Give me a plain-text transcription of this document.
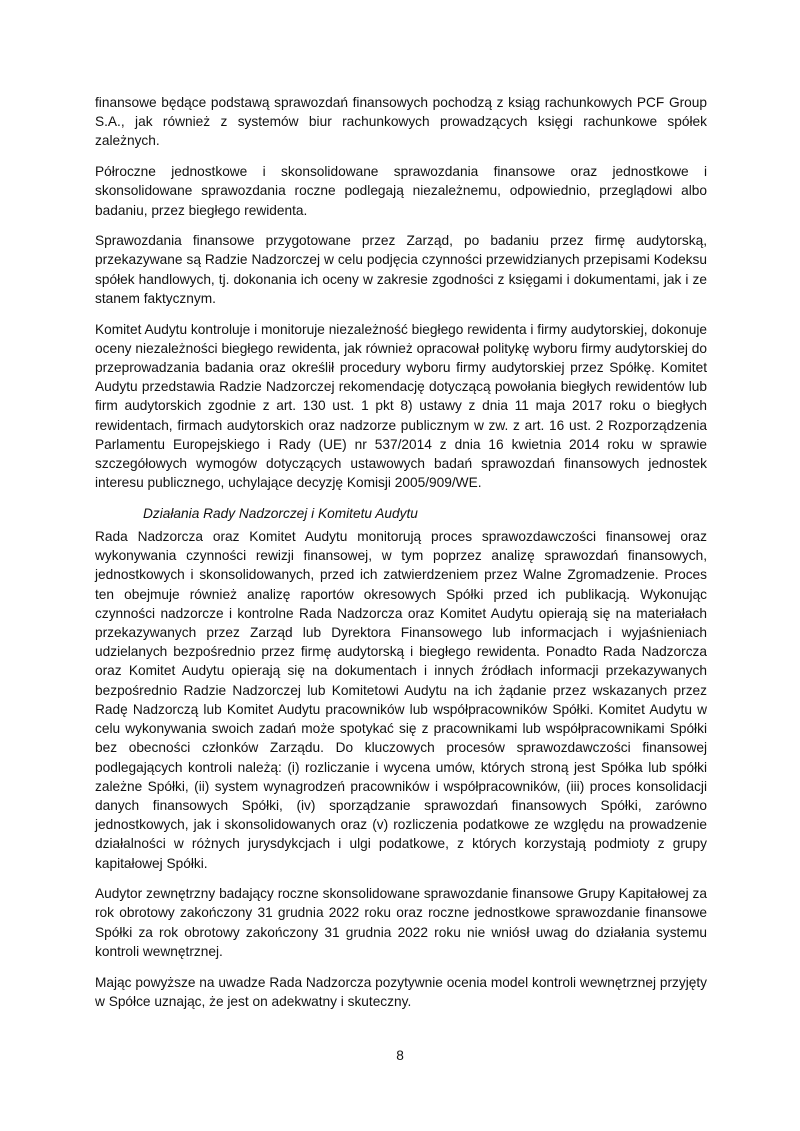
finansowe będące podstawą sprawozdań finansowych pochodzą z ksiąg rachunkowych PCF Group S.A., jak również z systemów biur rachunkowych prowadzących księgi rachunkowe spółek zależnych.

Półroczne jednostkowe i skonsolidowane sprawozdania finansowe oraz jednostkowe i skonsolidowane sprawozdania roczne podlegają niezależnemu, odpowiednio, przeglądowi albo badaniu, przez biegłego rewidenta.

Sprawozdania finansowe przygotowane przez Zarząd, po badaniu przez firmę audytorską, przekazywane są Radzie Nadzorczej w celu podjęcia czynności przewidzianych przepisami Kodeksu spółek handlowych, tj. dokonania ich oceny w zakresie zgodności z księgami i dokumentami, jak i ze stanem faktycznym.

Komitet Audytu kontroluje i monitoruje niezależność biegłego rewidenta i firmy audytorskiej, dokonuje oceny niezależności biegłego rewidenta, jak również opracował politykę wyboru firmy audytorskiej do przeprowadzania badania oraz określił procedury wyboru firmy audytorskiej przez Spółkę. Komitet Audytu przedstawia Radzie Nadzorczej rekomendację dotyczącą powołania biegłych rewidentów lub firm audytorskich zgodnie z art. 130 ust. 1 pkt 8) ustawy z dnia 11 maja 2017 roku o biegłych rewidentach, firmach audytorskich oraz nadzorze publicznym w zw. z art. 16 ust. 2 Rozporządzenia Parlamentu Europejskiego i Rady (UE) nr 537/2014 z dnia 16 kwietnia 2014 roku w sprawie szczegółowych wymogów dotyczących ustawowych badań sprawozdań finansowych jednostek interesu publicznego, uchylające decyzję Komisji 2005/909/WE.

Działania Rady Nadzorczej i Komitetu Audytu

Rada Nadzorcza oraz Komitet Audytu monitorują proces sprawozdawczości finansowej oraz wykonywania czynności rewizji finansowej, w tym poprzez analizę sprawozdań finansowych, jednostkowych i skonsolidowanych, przed ich zatwierdzeniem przez Walne Zgromadzenie. Proces ten obejmuje również analizę raportów okresowych Spółki przed ich publikacją. Wykonując czynności nadzorcze i kontrolne Rada Nadzorcza oraz Komitet Audytu opierają się na materiałach przekazywanych przez Zarząd lub Dyrektora Finansowego lub informacjach i wyjaśnieniach udzielanych bezpośrednio przez firmę audytorską i biegłego rewidenta. Ponadto Rada Nadzorcza oraz Komitet Audytu opierają się na dokumentach i innych źródłach informacji przekazywanych bezpośrednio Radzie Nadzorczej lub Komitetowi Audytu na ich żądanie przez wskazanych przez Radę Nadzorczą lub Komitet Audytu pracowników lub współpracowników Spółki. Komitet Audytu w celu wykonywania swoich zadań może spotykać się z pracownikami lub współpracownikami Spółki bez obecności członków Zarządu. Do kluczowych procesów sprawozdawczości finansowej podlegających kontroli należą: (i) rozliczanie i wycena umów, których stroną jest Spółka lub spółki zależne Spółki, (ii) system wynagrodzeń pracowników i współpracowników, (iii) proces konsolidacji danych finansowych Spółki, (iv) sporządzanie sprawozdań finansowych Spółki, zarówno jednostkowych, jak i skonsolidowanych oraz (v) rozliczenia podatkowe ze względu na prowadzenie działalności w różnych jurysdykcjach i ulgi podatkowe, z których korzystają podmioty z grupy kapitałowej Spółki.

Audytor zewnętrzny badający roczne skonsolidowane sprawozdanie finansowe Grupy Kapitałowej za rok obrotowy zakończony 31 grudnia 2022 roku oraz roczne jednostkowe sprawozdanie finansowe Spółki za rok obrotowy zakończony 31 grudnia 2022 roku nie wniósł uwag do działania systemu kontroli wewnętrznej.

Mając powyższe na uwadze Rada Nadzorcza pozytywnie ocenia model kontroli wewnętrznej przyjęty w Spółce uznając, że jest on adekwatny i skuteczny.

8
